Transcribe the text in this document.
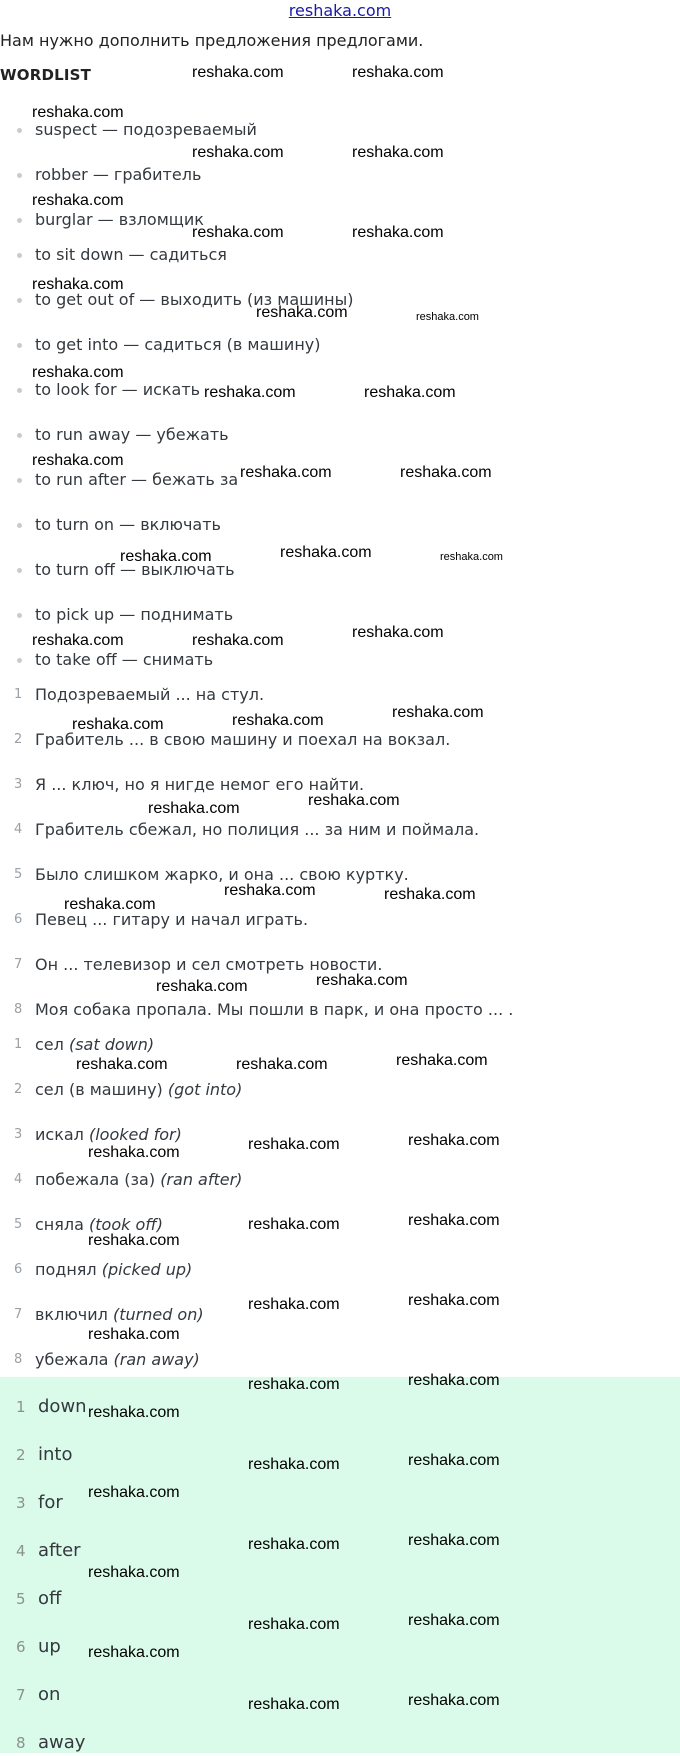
reshaka.com
Нам нужно дополнить предложения предлогами.
WORDLIST
suspect — подозреваемый
robber — грабитель
burglar — взломщик
to sit down — садиться
to get out of — выходить (из машины)
to get into — садиться (в машину)
to look for — искать
to run away — убежать
to run after — бежать за
to turn on — включать
to turn off — выключать
to pick up — поднимать
to take off — снимать
1 Подозреваемый ... на стул.
2 Грабитель ... в свою машину и поехал на вокзал.
3 Я ... ключ, но я нигде немог его найти.
4 Грабитель сбежал, но полиция ... за ним и поймала.
5 Было слишком жарко, и она ... свою куртку.
6 Певец ... гитару и начал играть.
7 Он ... телевизор и сел смотреть новости.
8 Моя собака пропала. Мы пошли в парк, и она просто ... .
1 сел (sat down)
2 сел (в машину) (got into)
3 искал (looked for)
4 побежала (за) (ran after)
5 сняла (took off)
6 поднял (picked up)
7 включил (turned on)
8 убежала (ran away)
1 down
2 into
3 for
4 after
5 off
6 up
7 on
8 away
reshaka.com
reshaka.com	reshaka.com
reshaka.com	reshaka.com
reshaka.com
reshaka.com	reshaka.com
reshaka.com
reshaka.com	reshaka.com
reshaka.com
reshaka.com	reshaka.com
reshaka.com
reshaka.com	reshaka.com
reshaka.com	reshaka.com	reshaka.com
reshaka.com	reshaka.com	reshaka.com
reshaka.com	reshaka.com	reshaka.com
reshaka.com	reshaka.com
reshaka.com
reshaka.com	reshaka.com
reshaka.com	reshaka.com
reshaka.com	reshaka.com	reshaka.com
reshaka.com	reshaka.com	reshaka.com
reshaka.com
reshaka.com	reshaka.com
reshaka.com
reshaka.com	reshaka.com
reshaka.com	reshaka.com
reshaka.com
reshaka.com	reshaka.com
reshaka.com
reshaka.com	reshaka.com
reshaka.com
reshaka.com	reshaka.com
reshaka.com
reshaka.com	reshaka.com
